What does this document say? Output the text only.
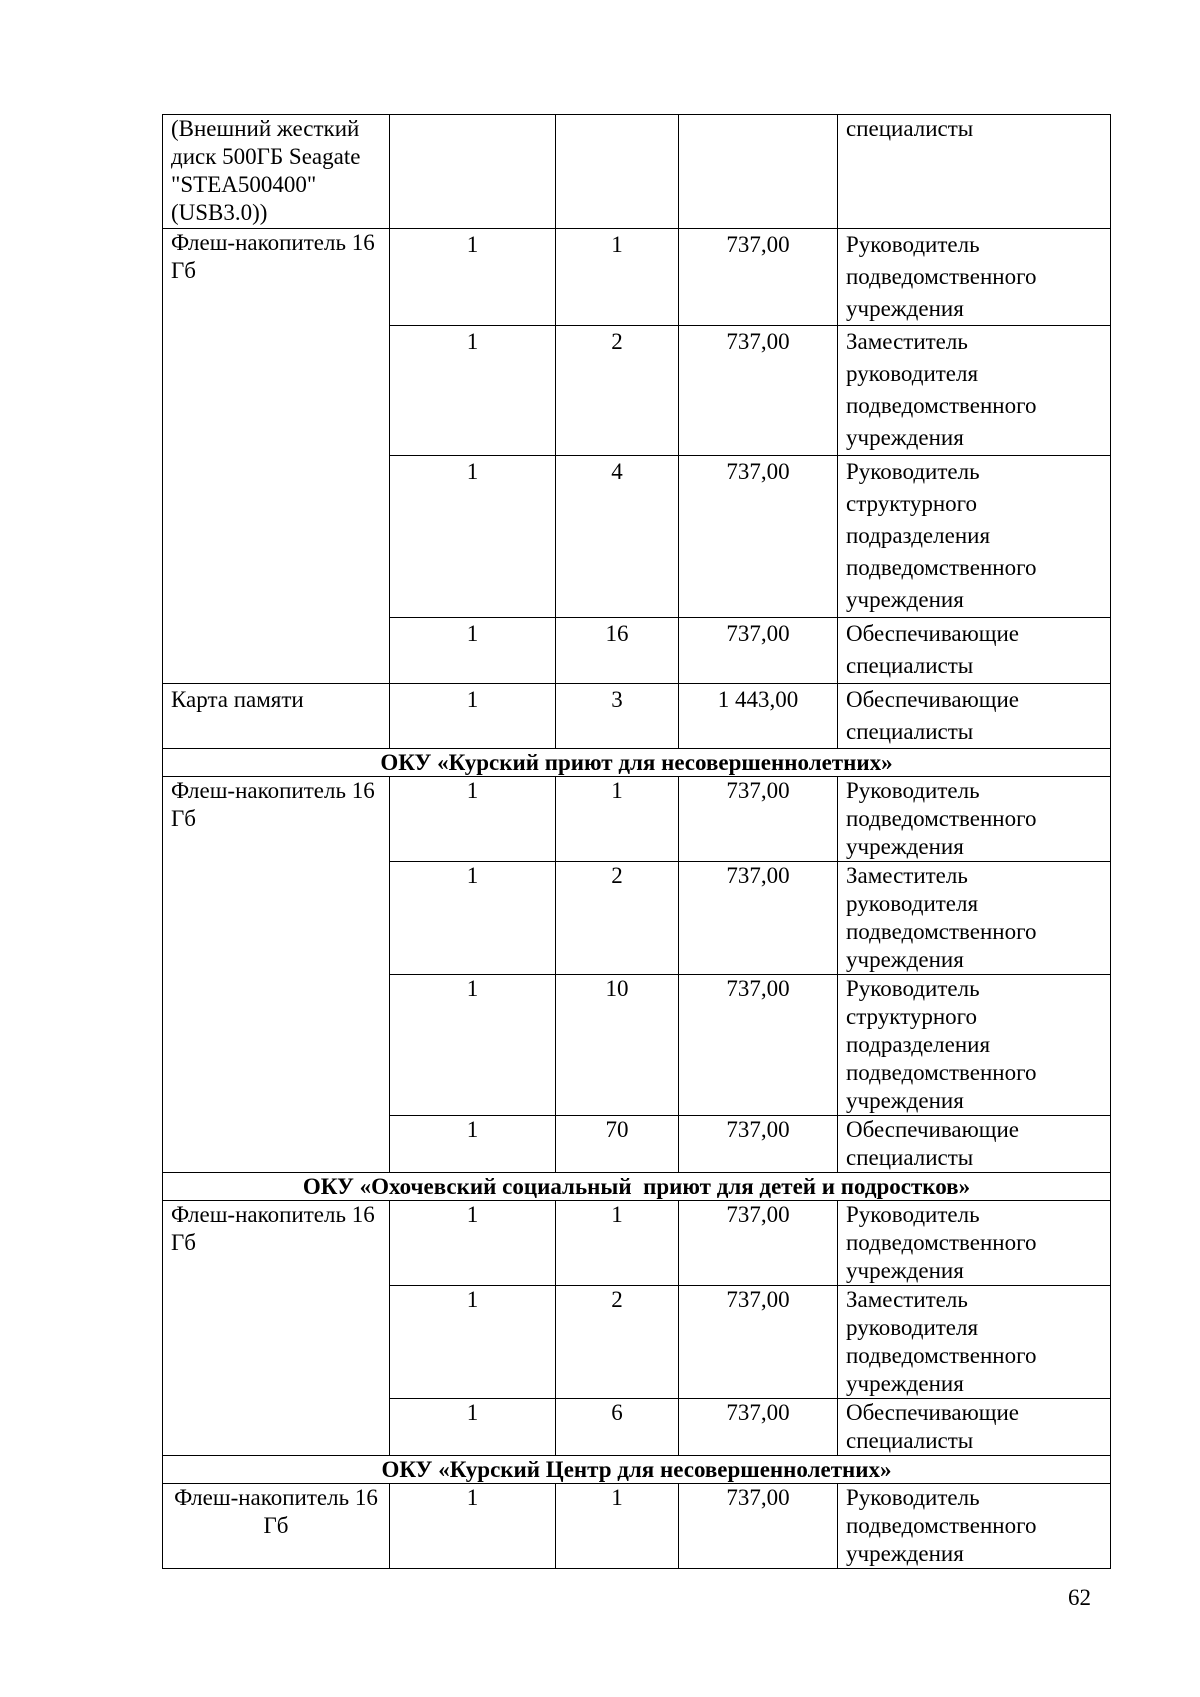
(Внешний жесткий диск 500ГБ Seagate "STEA500400" (USB3.0))				специалисты
Флеш-накопитель 16 Гб	1	1	737,00	Руководитель подведомственного учреждения
	1	2	737,00	Заместитель руководителя подведомственного учреждения
	1	4	737,00	Руководитель структурного подразделения подведомственного учреждения
	1	16	737,00	Обеспечивающие специалисты
Карта памяти	1	3	1 443,00	Обеспечивающие специалисты
ОКУ «Курский приют для несовершеннолетних»				
Флеш-накопитель 16 Гб	1	1	737,00	Руководитель подведомственного учреждения
	1	2	737,00	Заместитель руководителя подведомственного учреждения
	1	10	737,00	Руководитель структурного подразделения подведомственного учреждения
	1	70	737,00	Обеспечивающие специалисты
ОКУ «Охочевский социальный  приют для детей и подростков»				
Флеш-накопитель 16 Гб	1	1	737,00	Руководитель подведомственного учреждения
	1	2	737,00	Заместитель руководителя подведомственного учреждения
	1	6	737,00	Обеспечивающие специалисты
ОКУ «Курский Центр для несовершеннолетних»				
Флеш-накопитель 16 Гб	1	1	737,00	Руководитель подведомственного учреждения
62
